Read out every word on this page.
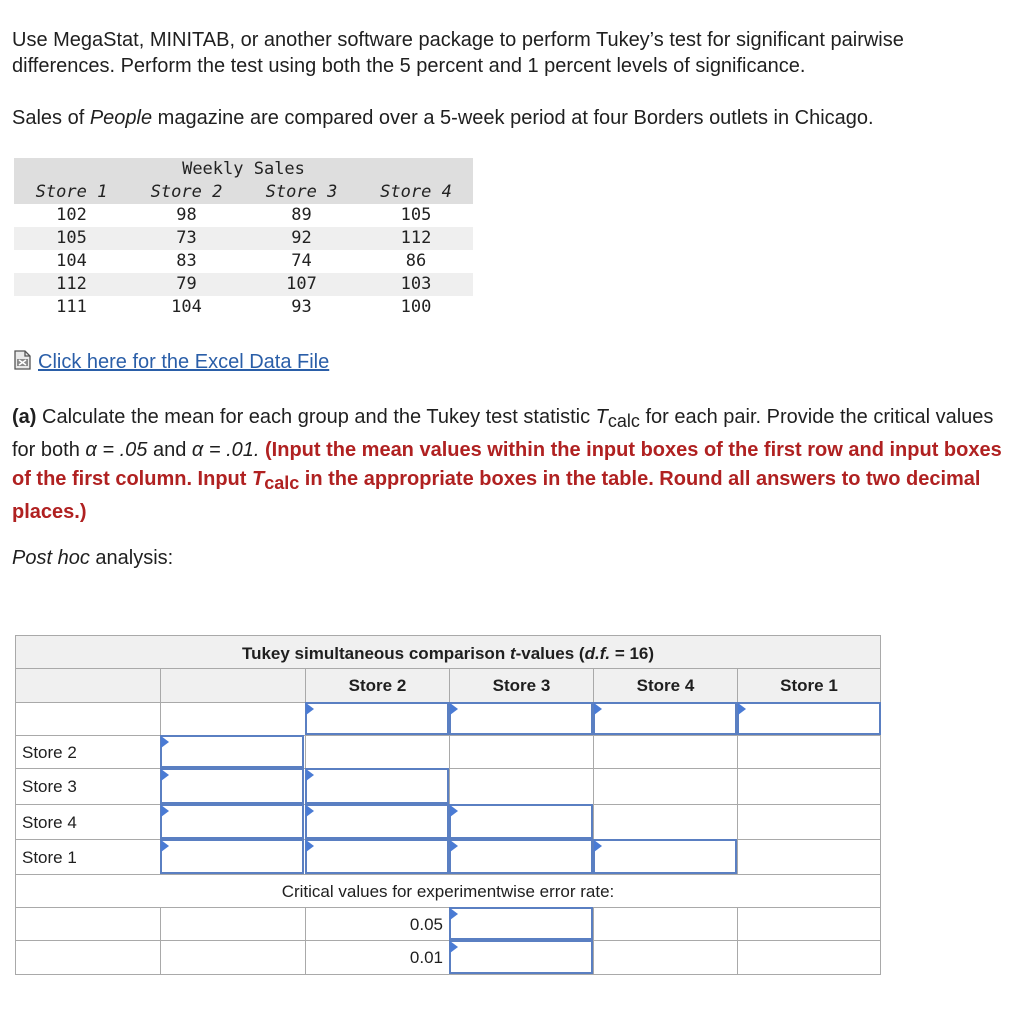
Use MegaStat, MINITAB, or another software package to perform Tukey’s test for significant pairwise differences. Perform the test using both the 5 percent and 1 percent levels of significance.

Sales of People magazine are compared over a 5-week period at four Borders outlets in Chicago.

Weekly Sales
Store 1	Store 2	Store 3	Store 4
102	98	89	105
105	73	92	112
104	83	74	86
112	79	107	103
111	104	93	100
Click here for the Excel Data File

(a) Calculate the mean for each group and the Tukey test statistic $T_{calc}$ for each pair. Provide the critical values for both α = .05 and α = .01. (Input the mean values within the input boxes of the first row and input boxes of the first column. Input $T_{calc}$ in the appropriate boxes in the table. Round all answers to two decimal places.)

Post hoc analysis:

Tukey simultaneous comparison t-values (d.f. = 16)
Store 2	Store 3	Store 4	Store 1
Store 2
Store 3
Store 4
Store 1
Critical values for experimentwise error rate:
0.05
0.01
